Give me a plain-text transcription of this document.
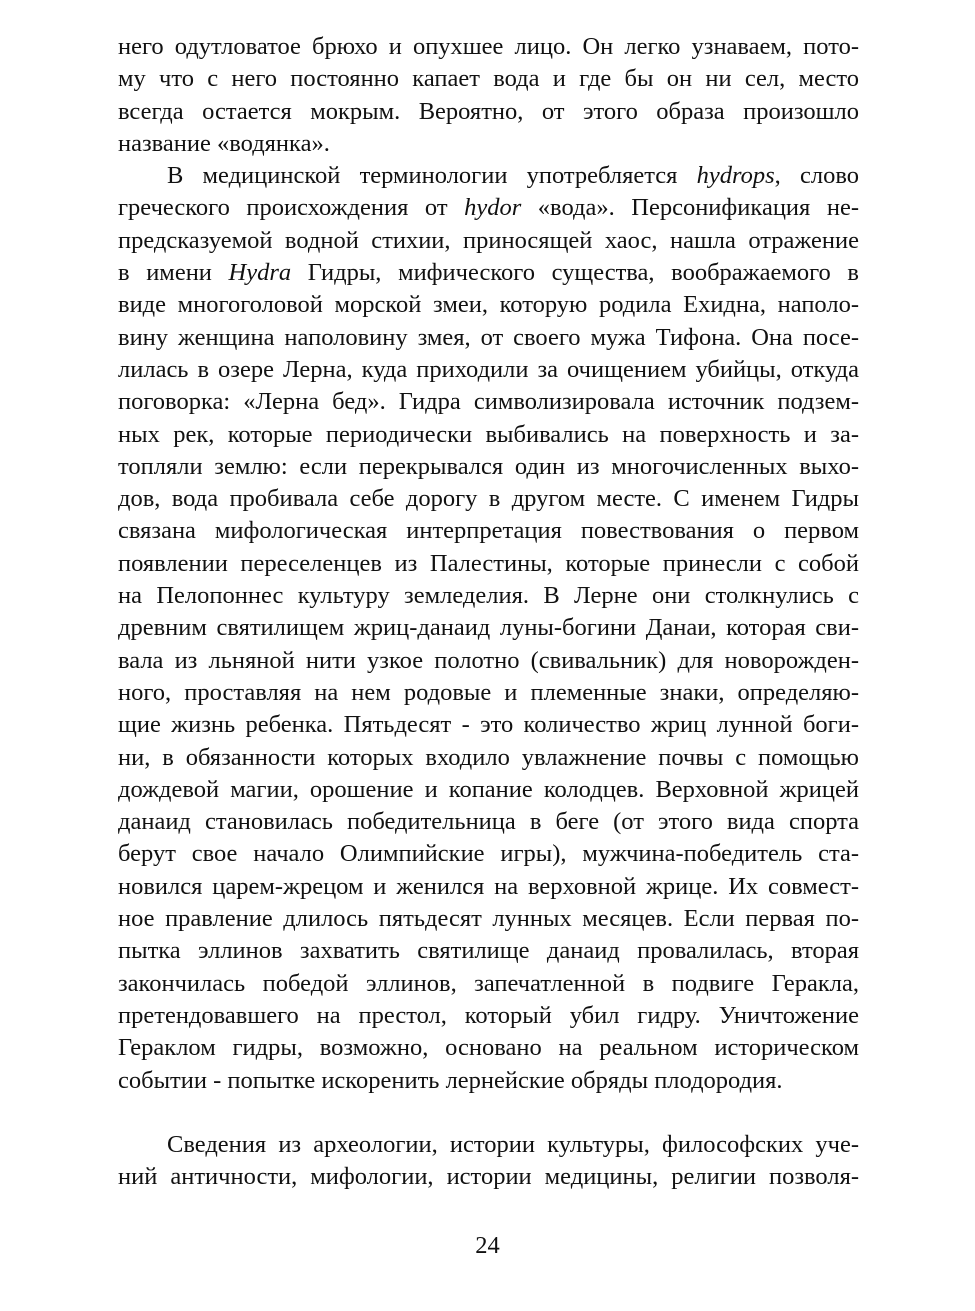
него одутловатое брюхо и опухшее лицо. Он легко узнаваем, пото-
му что с него постоянно капает вода и где бы он ни сел, место
всегда остается мокрым. Вероятно, от этого образа произошло
название «водянка».
В медицинской терминологии употребляется hydrops, слово
греческого происхождения от hydor «вода». Персонификация не-
предсказуемой водной стихии, приносящей хаос, нашла отражение
в имени Hydra Гидры, мифического существа, воображаемого в
виде многоголовой морской змеи, которую родила Ехидна, наполо-
вину женщина наполовину змея, от своего мужа Тифона. Она посе-
лилась в озере Лерна, куда приходили за очищением убийцы, откуда
поговорка: «Лерна бед». Гидра символизировала источник подзем-
ных рек, которые периодически выбивались на поверхность и за-
топляли землю: если перекрывался один из многочисленных выхо-
дов, вода пробивала себе дорогу в другом месте. С именем Гидры
связана мифологическая интерпретация повествования о первом
появлении переселенцев из Палестины, которые принесли с собой
на Пелопоннес культуру земледелия. В Лерне они столкнулись с
древним святилищем жриц-данаид луны-богини Данаи, которая сви-
вала из льняной нити узкое полотно (свивальник) для новорожден-
ного, проставляя на нем родовые и племенные знаки, определяю-
щие жизнь ребенка. Пятьдесят - это количество жриц лунной боги-
ни, в обязанности которых входило увлажнение почвы с помощью
дождевой магии, орошение и копание колодцев. Верховной жрицей
данаид становилась победительница в беге (от этого вида спорта
берут свое начало Олимпийские игры), мужчина-победитель ста-
новился царем-жрецом и женился на верховной жрице. Их совмест-
ное правление длилось пятьдесят лунных месяцев. Если первая по-
пытка эллинов захватить святилище данаид провалилась, вторая
закончилась победой эллинов, запечатленной в подвиге Геракла,
претендовавшего на престол, который убил гидру. Уничтожение
Гераклом гидры, возможно, основано на реальном историческом
событии - попытке искоренить лернейские обряды плодородия.
Сведения из археологии, истории культуры, философских уче-
ний античности, мифологии, истории медицины, религии позволя-
24
